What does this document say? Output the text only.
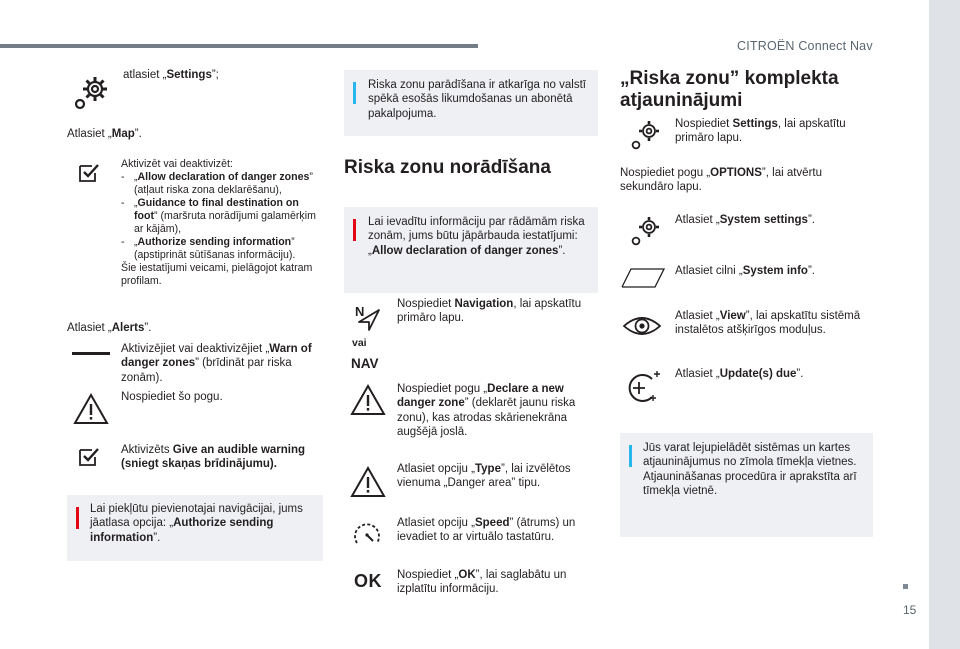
CITROËN Connect Nav
15
atlasiet „Settings”;
Atlasiet „Map”.
Aktivizēt vai deaktivizēt:
- „Allow declaration of danger zones” (atļaut riska zona deklarēšanu),
- „Guidance to final destination on foot” (maršruta norādījumi galamērķim ar kājām),
- „Authorize sending information” (apstiprināt sūtīšanas informāciju).
Šie iestatījumi veicami, pielāgojot katram profilam.
Atlasiet „Alerts”.
Aktivizējiet vai deaktivizējiet „Warn of danger zones” (brīdināt par riska zonām).
Nospiediet šo pogu.
Aktivizēts Give an audible warning (sniegt skaņas brīdinājumu).
Lai piekļūtu pievienotajai navigācijai, jums jāatlasa opcija: „Authorize sending information”.
Riska zonu parādīšana ir atkarīga no valstī spēkā esošās likumdošanas un abonētā pakalpojuma.
Riska zonu norādīšana
Lai ievadītu informāciju par rādāmām riska zonām, jums būtu jāpārbauda iestatījumi: „Allow declaration of danger zones”.
N
vai
NAV
Nospiediet Navigation, lai apskatītu primāro lapu.
Nospiediet pogu „Declare a new danger zone” (deklarēt jaunu riska zonu), kas atrodas skārienekrāna augšējā joslā.
Atlasiet opciju „Type”, lai izvēlētos vienuma „Danger area” tipu.
Atlasiet opciju „Speed” (ātrums) un ievadiet to ar virtuālo tastatūru.
OK Nospiediet „OK”, lai saglabātu un izplatītu informāciju.
„Riska zonu” komplekta atjauninājumi
Nospiediet Settings, lai apskatītu primāro lapu.
Nospiediet pogu „OPTIONS”, lai atvērtu sekundāro lapu.
Atlasiet „System settings”.
Atlasiet cilni „System info”.
Atlasiet „View”, lai apskatītu sistēmā instalētos atšķirīgos moduļus.
Atlasiet „Update(s) due”.
Jūs varat lejupielādēt sistēmas un kartes atjauninājumus no zīmola tīmekļa vietnes. Atjaunināšanas procedūra ir aprakstīta arī tīmekļa vietnē.
